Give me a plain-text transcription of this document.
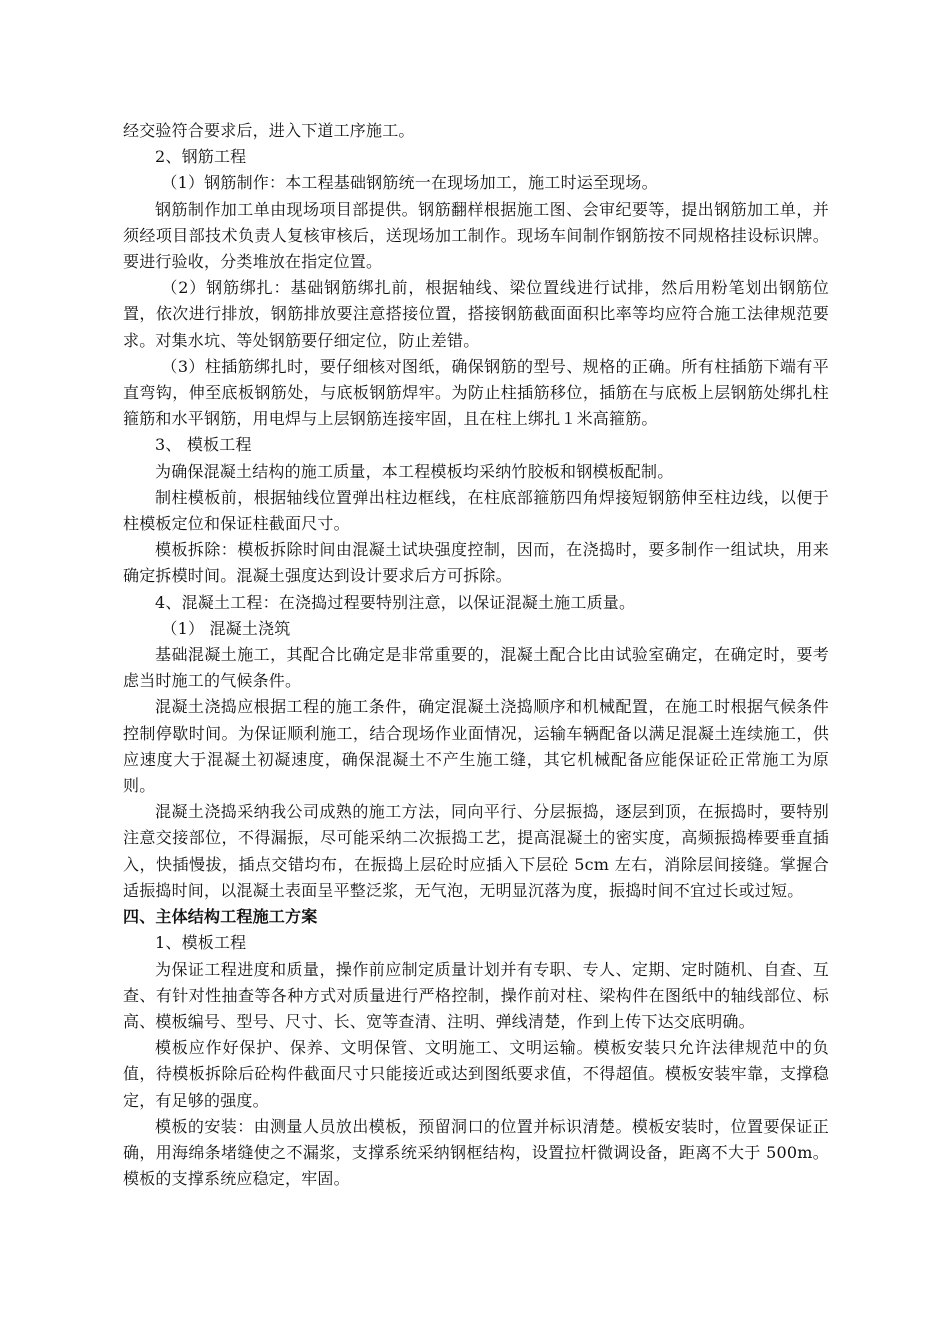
经交验符合要求后，进入下道工序施工。

2、钢筋工程

（1）钢筋制作：本工程基础钢筋统一在现场加工，施工时运至现场。

钢筋制作加工单由现场项目部提供。钢筋翻样根据施工图、会审纪要等，提出钢筋加工单，并须经项目部技术负责人复核审核后，送现场加工制作。现场车间制作钢筋按不同规格挂设标识牌。要进行验收，分类堆放在指定位置。

（2）钢筋绑扎：基础钢筋绑扎前，根据轴线、梁位置线进行试排，然后用粉笔划出钢筋位置，依次进行排放，钢筋排放要注意搭接位置，搭接钢筋截面面积比率等均应符合施工法律规范要求。对集水坑、等处钢筋要仔细定位，防止差错。

（3）柱插筋绑扎时，要仔细核对图纸，确保钢筋的型号、规格的正确。所有柱插筋下端有平直弯钩，伸至底板钢筋处，与底板钢筋焊牢。为防止柱插筋移位，插筋在与底板上层钢筋处绑扎柱箍筋和水平钢筋，用电焊与上层钢筋连接牢固，且在柱上绑扎１米高箍筋。

3、 模板工程

为确保混凝土结构的施工质量，本工程模板均采纳竹胶板和钢模板配制。

制柱模板前，根据轴线位置弹出柱边框线，在柱底部箍筋四角焊接短钢筋伸至柱边线，以便于柱模板定位和保证柱截面尺寸。

模板拆除：模板拆除时间由混凝土试块强度控制，因而，在浇捣时，要多制作一组试块，用来确定拆模时间。混凝土强度达到设计要求后方可拆除。

4、混凝土工程：在浇捣过程要特别注意，以保证混凝土施工质量。

（1） 混凝土浇筑

基础混凝土施工，其配合比确定是非常重要的，混凝土配合比由试验室确定，在确定时，要考虑当时施工的气候条件。

混凝土浇捣应根据工程的施工条件，确定混凝土浇捣顺序和机械配置，在施工时根据气候条件控制停歇时间。为保证顺利施工，结合现场作业面情况，运输车辆配备以满足混凝土连续施工，供应速度大于混凝土初凝速度，确保混凝土不产生施工缝，其它机械配备应能保证砼正常施工为原则。

混凝土浇捣采纳我公司成熟的施工方法，同向平行、分层振捣，逐层到顶，在振捣时，要特别注意交接部位，不得漏振，尽可能采纳二次振捣工艺，提高混凝土的密实度，高频振捣棒要垂直插入，快插慢拔，插点交错均布，在振捣上层砼时应插入下层砼 5cm 左右，消除层间接缝。掌握合适振捣时间，以混凝土表面呈平整泛浆，无气泡，无明显沉落为度，振捣时间不宜过长或过短。

四、主体结构工程施工方案

1、模板工程

为保证工程进度和质量，操作前应制定质量计划并有专职、专人、定期、定时随机、自查、互查、有针对性抽查等各种方式对质量进行严格控制，操作前对柱、梁构件在图纸中的轴线部位、标高、模板编号、型号、尺寸、长、宽等查清、注明、弹线清楚，作到上传下达交底明确。

模板应作好保护、保养、文明保管、文明施工、文明运输。模板安装只允许法律规范中的负值，待模板拆除后砼构件截面尺寸只能接近或达到图纸要求值，不得超值。模板安装牢靠，支撑稳定，有足够的强度。

模板的安装：由测量人员放出模板，预留洞口的位置并标识清楚。模板安装时，位置要保证正确，用海绵条堵缝使之不漏浆，支撑系统采纳钢框结构，设置拉杆微调设备，距离不大于 500m。模板的支撑系统应稳定，牢固。
